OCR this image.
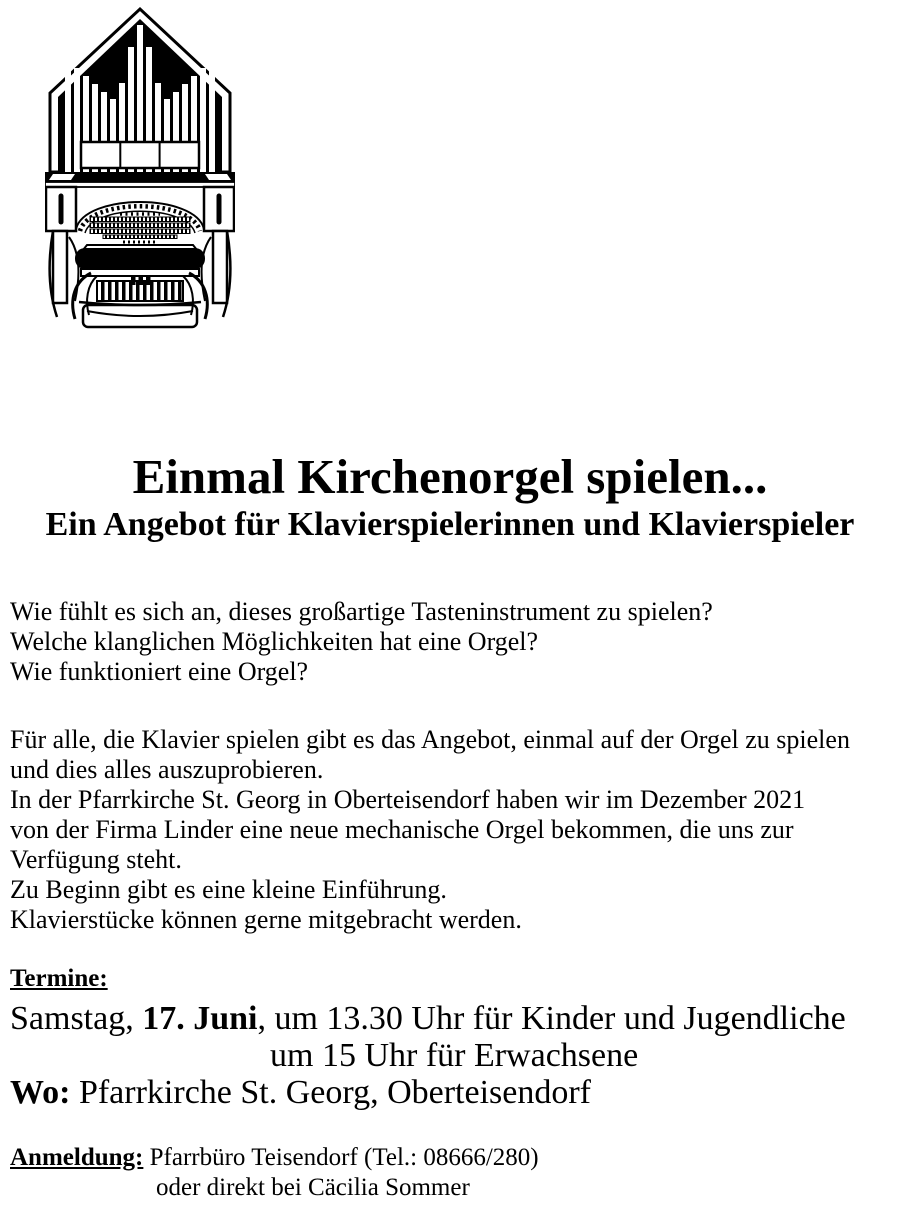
Einmal Kirchenorgel spielen...
Ein Angebot für Klavierspielerinnen und Klavierspieler
Wie fühlt es sich an, dieses großartige Tasteninstrument zu spielen?
Welche klanglichen Möglichkeiten hat eine Orgel?
Wie funktioniert eine Orgel?
Für alle, die Klavier spielen gibt es das Angebot, einmal auf der Orgel zu spielen
und dies alles auszuprobieren.
In der Pfarrkirche St. Georg in Oberteisendorf haben wir im Dezember 2021
von der Firma Linder eine neue mechanische Orgel bekommen, die uns zur
Verfügung steht.
Zu Beginn gibt es eine kleine Einführung.
Klavierstücke können gerne mitgebracht werden.
Termine:
Samstag, 17. Juni, um 13.30 Uhr für Kinder und Jugendliche
um 15 Uhr für Erwachsene
Wo: Pfarrkirche St. Georg, Oberteisendorf
Anmeldung: Pfarrbüro Teisendorf (Tel.: 08666/280)
oder direkt bei Cäcilia Sommer
